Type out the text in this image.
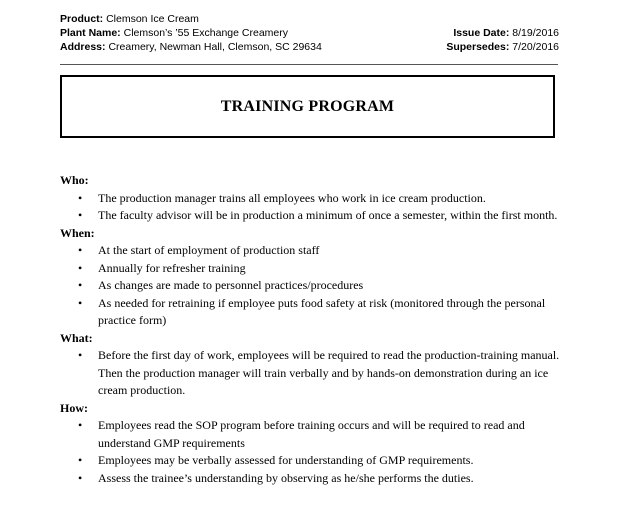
Product: Clemson Ice Cream
Plant Name: Clemson’s ’55 Exchange Creamery
Address: Creamery, Newman Hall, Clemson, SC 29634
Issue Date: 8/19/2016
Supersedes: 7/20/2016
TRAINING PROGRAM

Who:

• The production manager trains all employees who work in ice cream production.
• The faculty advisor will be in production a minimum of once a semester, within the first month.

When:

• At the start of employment of production staff
• Annually for refresher training
• As changes are made to personnel practices/procedures
• As needed for retraining if employee puts food safety at risk (monitored through the personal practice form)

What:

• Before the first day of work, employees will be required to read the production-training manual. Then the production manager will train verbally and by hands-on demonstration during an ice cream production.

How:

• Employees read the SOP program before training occurs and will be required to read and understand GMP requirements
• Employees may be verbally assessed for understanding of GMP requirements.
• Assess the trainee’s understanding by observing as he/she performs the duties.
